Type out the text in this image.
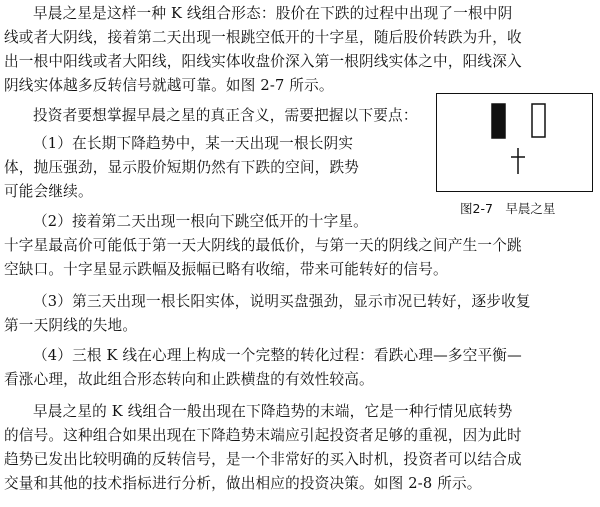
早晨之星是这样一种 K 线组合形态：股价在下跌的过程中出现了一根中阴
线或者大阴线，接着第二天出现一根跳空低开的十字星，随后股价转跌为升，收
出一根中阳线或者大阳线，阳线实体收盘价深入第一根阴线实体之中，阳线深入
阴线实体越多反转信号就越可靠。如图 2-7 所示。
投资者要想掌握早晨之星的真正含义，需要把握以下要点：
（1）在长期下降趋势中，某一天出现一根长阴实
体，抛压强劲，显示股价短期仍然有下跌的空间，跌势
可能会继续。
图2-7　早晨之星
（2）接着第二天出现一根向下跳空低开的十字星。
十字星最高价可能低于第一天大阴线的最低价，与第一天的阴线之间产生一个跳
空缺口。十字星显示跌幅及振幅已略有收缩，带来可能转好的信号。
（3）第三天出现一根长阳实体，说明买盘强劲，显示市况已转好，逐步收复
第一天阴线的失地。
（4）三根 K 线在心理上构成一个完整的转化过程：看跌心理—多空平衡—
看涨心理，故此组合形态转向和止跌横盘的有效性较高。
早晨之星的 K 线组合一般出现在下降趋势的末端，它是一种行情见底转势
的信号。这种组合如果出现在下降趋势末端应引起投资者足够的重视，因为此时
趋势已发出比较明确的反转信号，是一个非常好的买入时机，投资者可以结合成
交量和其他的技术指标进行分析，做出相应的投资决策。如图 2-8 所示。
